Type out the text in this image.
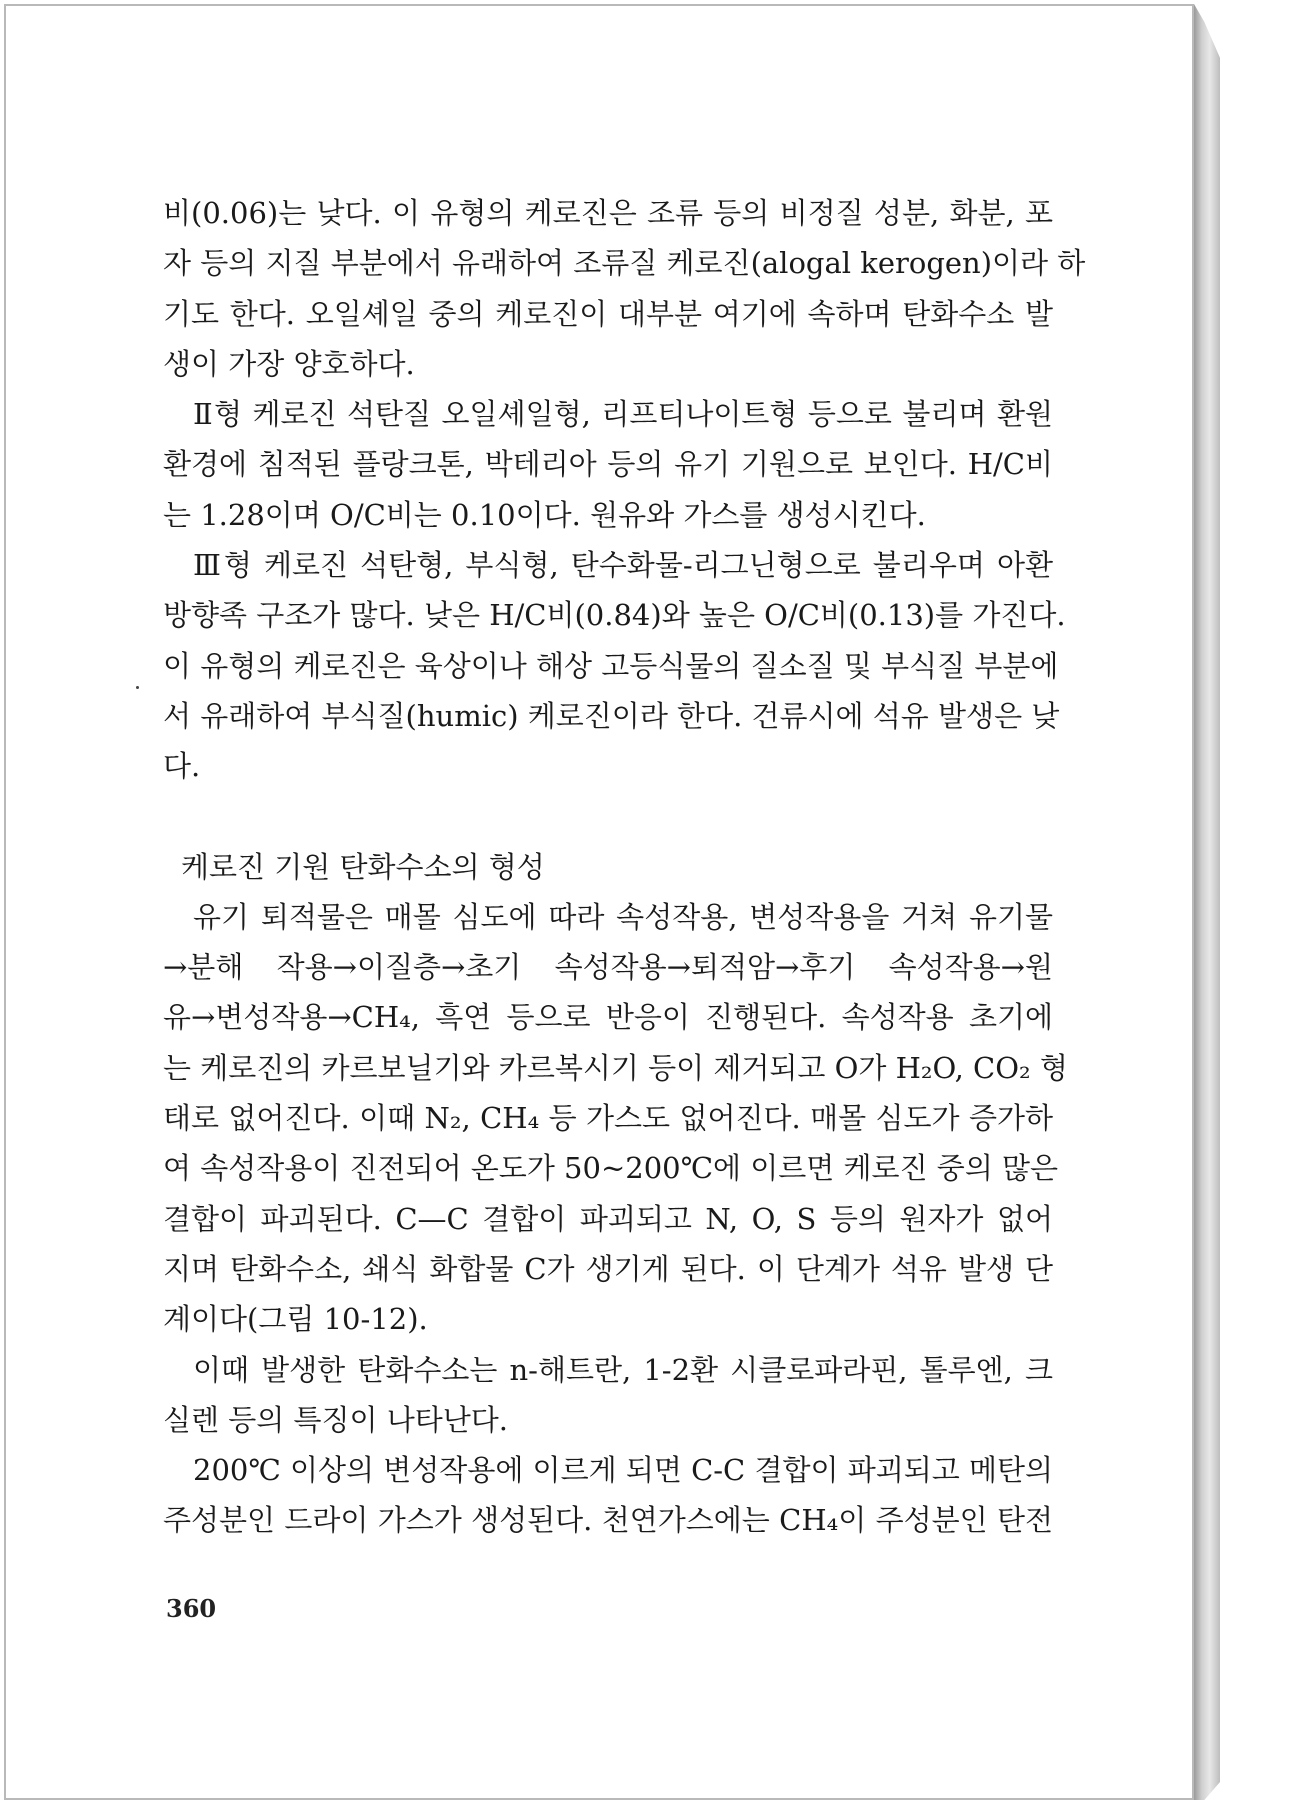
비(0.06)는 낮다. 이 유형의 케로진은 조류 등의 비정질 성분, 화분, 포
자 등의 지질 부분에서 유래하여 조류질 케로진(alogal kerogen)이라 하
기도 한다. 오일셰일 중의 케로진이 대부분 여기에 속하며 탄화수소 발
생이 가장 양호하다.
Ⅱ형 케로진 석탄질 오일셰일형, 리프티나이트형 등으로 불리며 환원
환경에 침적된 플랑크톤, 박테리아 등의 유기 기원으로 보인다. H/C비
는 1.28이며 O/C비는 0.10이다. 원유와 가스를 생성시킨다.
Ⅲ형 케로진 석탄형, 부식형, 탄수화물-리그닌형으로 불리우며 아환
방향족 구조가 많다. 낮은 H/C비(0.84)와 높은 O/C비(0.13)를 가진다.
이 유형의 케로진은 육상이나 해상 고등식물의 질소질 및 부식질 부분에
서 유래하여 부식질(humic) 케로진이라 한다. 건류시에 석유 발생은 낮
다.
케로진 기원 탄화수소의 형성
유기 퇴적물은 매몰 심도에 따라 속성작용, 변성작용을 거쳐 유기물
→분해 작용→이질층→초기 속성작용→퇴적암→후기 속성작용→원
유→변성작용→CH₄, 흑연 등으로 반응이 진행된다. 속성작용 초기에
는 케로진의 카르보닐기와 카르복시기 등이 제거되고 O가 H₂O, CO₂ 형
태로 없어진다. 이때 N₂, CH₄ 등 가스도 없어진다. 매몰 심도가 증가하
여 속성작용이 진전되어 온도가 50~200℃에 이르면 케로진 중의 많은
결합이 파괴된다. C—C 결합이 파괴되고 N, O, S 등의 원자가 없어
지며 탄화수소, 쇄식 화합물 C가 생기게 된다. 이 단계가 석유 발생 단
계이다(그림 10-12).
이때 발생한 탄화수소는 n-해트란, 1-2환 시클로파라핀, 톨루엔, 크
실렌 등의 특징이 나타난다.
200℃ 이상의 변성작용에 이르게 되면 C-C 결합이 파괴되고 메탄의
주성분인 드라이 가스가 생성된다. 천연가스에는 CH₄이 주성분인 탄전
360
